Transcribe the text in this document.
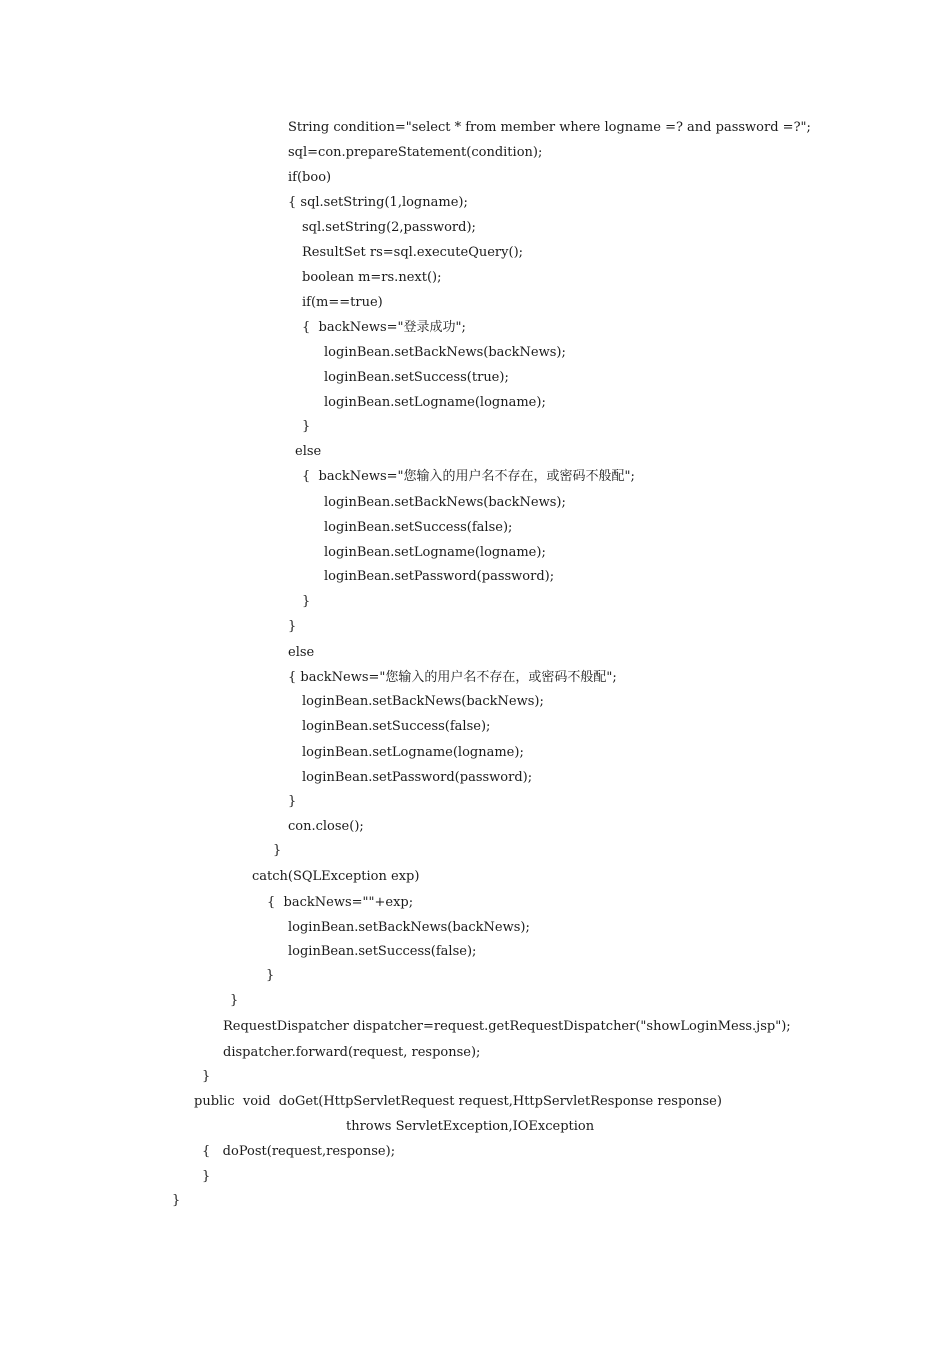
String condition="select * from member where logname =? and password =?";
sql=con.prepareStatement(condition);
if(boo)
{ sql.setString(1,logname);
sql.setString(2,password);
ResultSet rs=sql.executeQuery();
boolean m=rs.next();
if(m==true)
{  backNews="登录成功";
loginBean.setBackNews(backNews);
loginBean.setSuccess(true);
loginBean.setLogname(logname);
}
else
{  backNews="您输入的用户名不存在，或密码不般配";
loginBean.setBackNews(backNews);
loginBean.setSuccess(false);
loginBean.setLogname(logname);
loginBean.setPassword(password);
}
}
else
{ backNews="您输入的用户名不存在，或密码不般配";
loginBean.setBackNews(backNews);
loginBean.setSuccess(false);
loginBean.setLogname(logname);
loginBean.setPassword(password);
}
con.close();
}
catch(SQLException exp)
{  backNews=""+exp;
loginBean.setBackNews(backNews);
loginBean.setSuccess(false);
}
}
RequestDispatcher dispatcher=request.getRequestDispatcher("showLoginMess.jsp");
dispatcher.forward(request, response);
}
public  void  doGet(HttpServletRequest request,HttpServletResponse response)
throws ServletException,IOException
{   doPost(request,response);
}
}
